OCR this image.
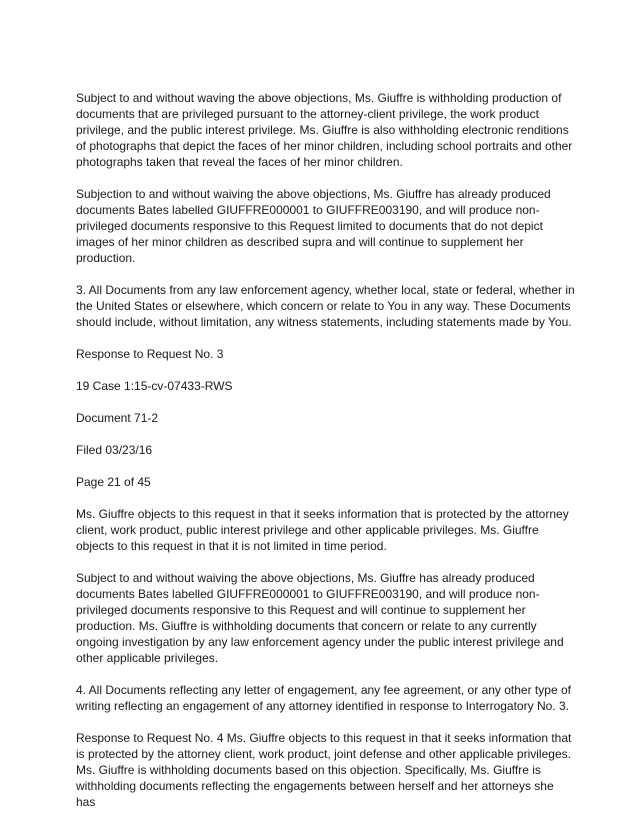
Subject to and without waving the above objections, Ms. Giuffre is withholding production of documents that are privileged pursuant to the attorney-client privilege, the work product privilege, and the public interest privilege. Ms. Giuffre is also withholding electronic renditions of photographs that depict the faces of her minor children, including school portraits and other photographs taken that reveal the faces of her minor children.

Subjection to and without waiving the above objections, Ms. Giuffre has already produced documents Bates labelled GIUFFRE000001 to GIUFFRE003190, and will produce non-privileged documents responsive to this Request limited to documents that do not depict images of her minor children as described supra and will continue to supplement her production.

3. All Documents from any law enforcement agency, whether local, state or federal, whether in the United States or elsewhere, which concern or relate to You in any way. These Documents should include, without limitation, any witness statements, including statements made by You.

Response to Request No. 3

19 Case 1:15-cv-07433-RWS

Document 71-2

Filed 03/23/16

Page 21 of 45

Ms. Giuffre objects to this request in that it seeks information that is protected by the attorney client, work product, public interest privilege and other applicable privileges. Ms. Giuffre objects to this request in that it is not limited in time period.

Subject to and without waiving the above objections, Ms. Giuffre has already produced documents Bates labelled GIUFFRE000001 to GIUFFRE003190, and will produce non-privileged documents responsive to this Request and will continue to supplement her production. Ms. Giuffre is withholding documents that concern or relate to any currently ongoing investigation by any law enforcement agency under the public interest privilege and other applicable privileges.

4. All Documents reflecting any letter of engagement, any fee agreement, or any other type of writing reflecting an engagement of any attorney identified in response to Interrogatory No. 3.

Response to Request No. 4 Ms. Giuffre objects to this request in that it seeks information that is protected by the attorney client, work product, joint defense and other applicable privileges. Ms. Giuffre is withholding documents based on this objection. Specifically, Ms. Giuffre is withholding documents reflecting the engagements between herself and her attorneys she has
